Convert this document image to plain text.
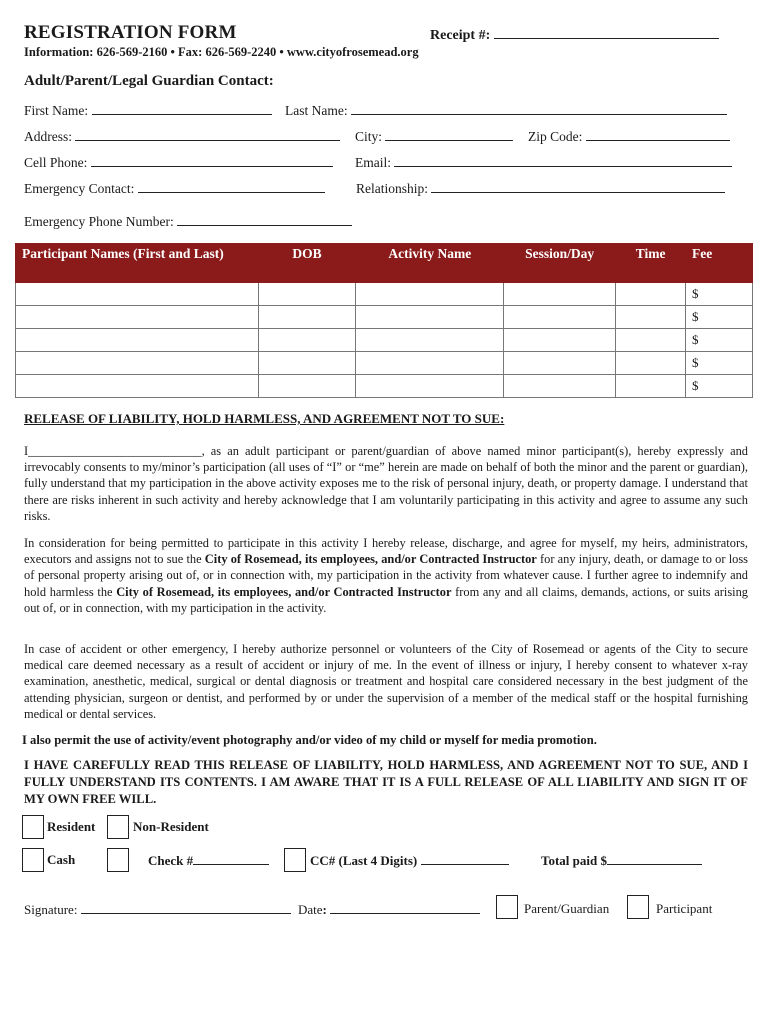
REGISTRATION FORM	Receipt #:
Information: 626-569-2160 • Fax: 626-569-2240 • www.cityofrosemead.org
Adult/Parent/Legal Guardian Contact:
First Name:	Last Name:
Address:	City:	Zip Code:
Cell Phone:	Email:
Emergency Contact:	Relationship:
Emergency Phone Number:
Participant Names (First and Last)	DOB	Activity Name	Session/Day	Time	Fee
					$
					$
					$
					$
					$
RELEASE OF LIABILITY, HOLD HARMLESS, AND AGREEMENT NOT TO SUE:

I____________________________, as an adult participant or parent/guardian of above named minor participant(s), hereby expressly and irrevocably consents to my/minor’s participation (all uses of “I” or “me” herein are made on behalf of both the minor and the parent or guardian), fully understand that my participation in the above activity exposes me to the risk of personal injury, death, or property damage. I understand that there are risks inherent in such activity and hereby acknowledge that I am voluntarily participating in this activity and agree to assume any such risks.

In consideration for being permitted to participate in this activity I hereby release, discharge, and agree for myself, my heirs, administrators, executors and assigns not to sue the City of Rosemead, its employees, and/or Contracted Instructor for any injury, death, or damage to or loss of personal property arising out of, or in connection with, my participation in the activity from whatever cause. I further agree to indemnify and hold harmless the City of Rosemead, its employees, and/or Contracted Instructor from any and all claims, demands, actions, or suits arising out of, or in connection, with my participation in the activity.

In case of accident or other emergency, I hereby authorize personnel or volunteers of the City of Rosemead or agents of the City to secure medical care deemed necessary as a result of accident or injury of me. In the event of illness or injury, I hereby consent to whatever x-ray examination, anesthetic, medical, surgical or dental diagnosis or treatment and hospital care considered necessary in the best judgment of the attending physician, surgeon or dentist, and performed by or under the supervision of a member of the medical staff or the hospital furnishing medical or dental services.

I also permit the use of activity/event photography and/or video of my child or myself for media promotion.
I HAVE CAREFULLY READ THIS RELEASE OF LIABILITY, HOLD HARMLESS, AND AGREEMENT NOT TO SUE, AND I FULLY UNDERSTAND ITS CONTENTS. I AM AWARE THAT IT IS A FULL RELEASE OF ALL LIABILITY AND SIGN IT OF MY OWN FREE WILL.
Resident	Non-Resident
Cash	Check #	CC# (Last 4 Digits)	Total paid $
Signature:	Date:	Parent/Guardian	Participant
